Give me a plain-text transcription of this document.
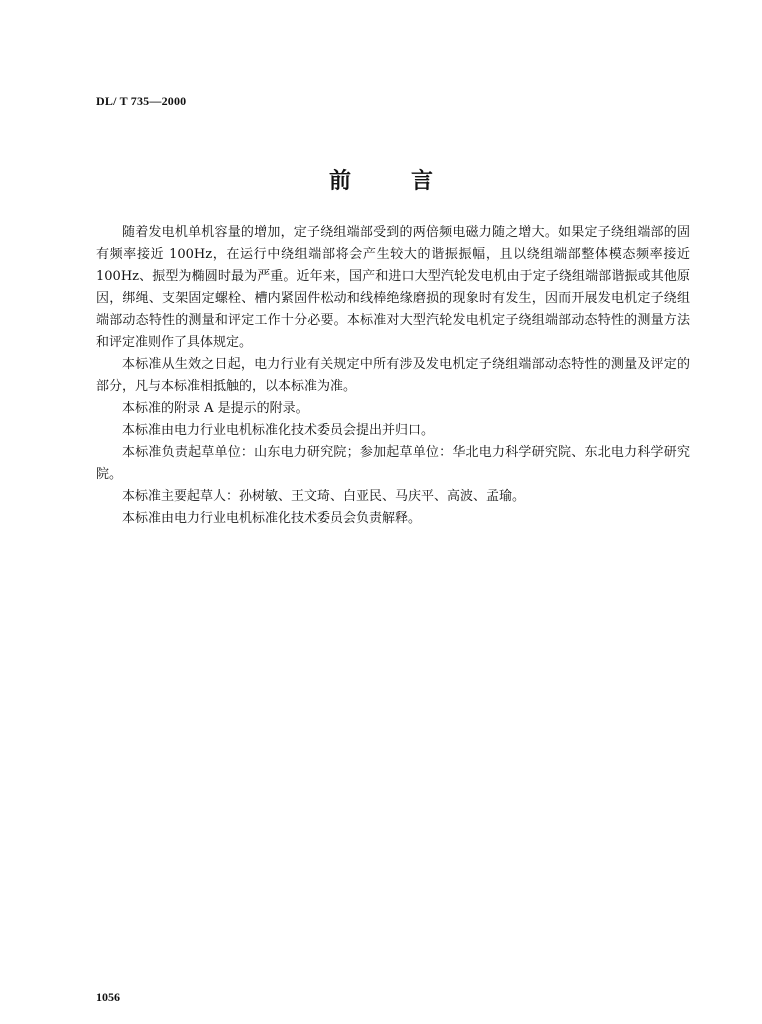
DL/ T 735—2000
前	言

随着发电机单机容量的增加，定子绕组端部受到的两倍频电磁力随之增大。如果定子绕组端部的固有频率接近 100Hz，在运行中绕组端部将会产生较大的谐振振幅，且以绕组端部整体模态频率接近 100Hz、振型为椭圆时最为严重。近年来，国产和进口大型汽轮发电机由于定子绕组端部谐振或其他原因，绑绳、支架固定螺栓、槽内紧固件松动和线棒绝缘磨损的现象时有发生，因而开展发电机定子绕组端部动态特性的测量和评定工作十分必要。本标准对大型汽轮发电机定子绕组端部动态特性的测量方法和评定准则作了具体规定。

本标准从生效之日起，电力行业有关规定中所有涉及发电机定子绕组端部动态特性的测量及评定的部分，凡与本标准相抵触的，以本标准为准。

本标准的附录 A 是提示的附录。

本标准由电力行业电机标准化技术委员会提出并归口。

本标准负责起草单位：山东电力研究院；参加起草单位：华北电力科学研究院、东北电力科学研究院。

本标准主要起草人：孙树敏、王文琦、白亚民、马庆平、高波、孟瑜。

本标准由电力行业电机标准化技术委员会负责解释。

1056
